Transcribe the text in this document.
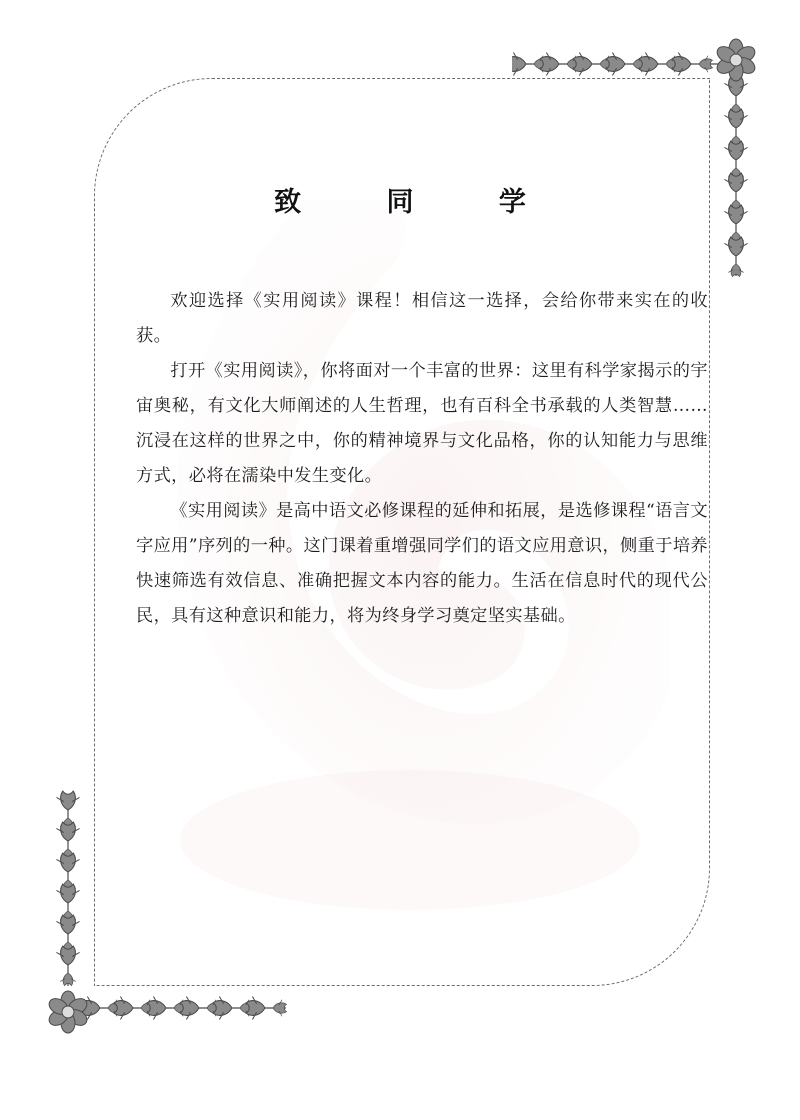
致 同 学

欢迎选择《实用阅读》课程！相信这一选择，会给你带来实在的收获。

打开《实用阅读》，你将面对一个丰富的世界：这里有科学家揭示的宇宙奥秘，有文化大师阐述的人生哲理，也有百科全书承载的人类智慧……沉浸在这样的世界之中，你的精神境界与文化品格，你的认知能力与思维方式，必将在濡染中发生变化。

《实用阅读》是高中语文必修课程的延伸和拓展，是选修课程“语言文字应用”序列的一种。这门课着重增强同学们的语文应用意识，侧重于培养快速筛选有效信息、准确把握文本内容的能力。生活在信息时代的现代公民，具有这种意识和能力，将为终身学习奠定坚实基础。
